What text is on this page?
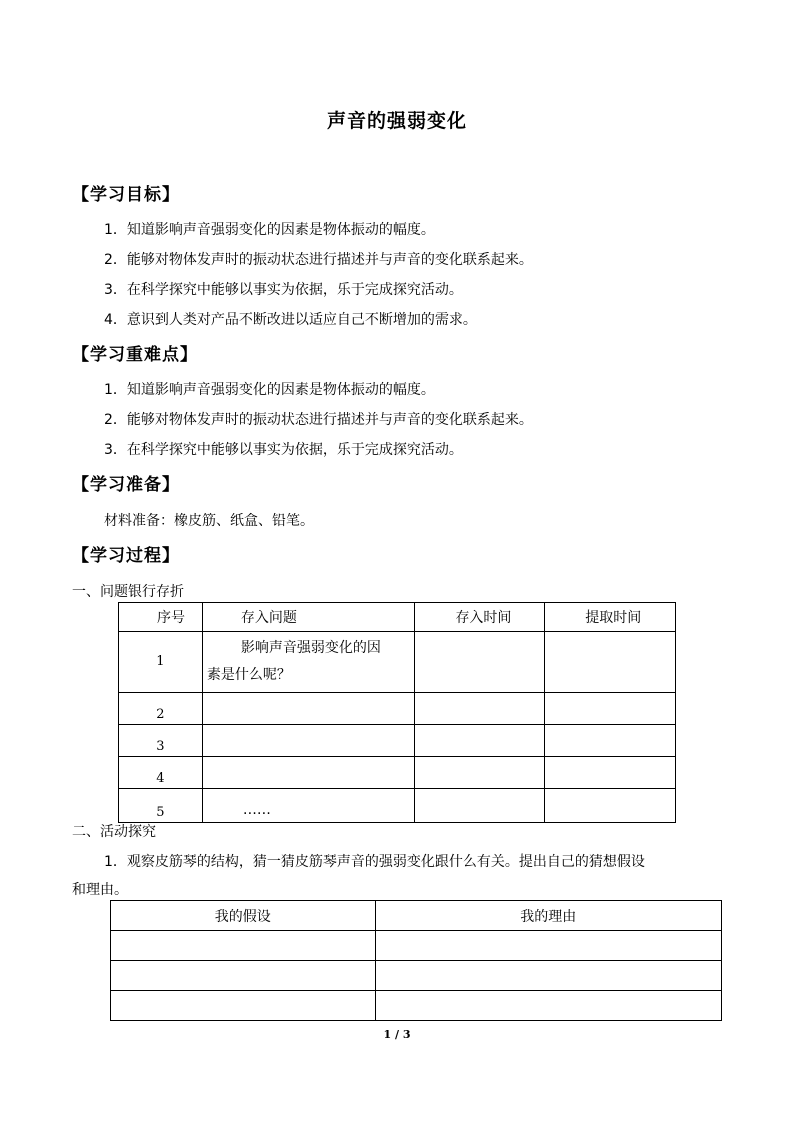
声音的强弱变化
【学习目标】
1．知道影响声音强弱变化的因素是物体振动的幅度。
2．能够对物体发声时的振动状态进行描述并与声音的变化联系起来。
3．在科学探究中能够以事实为依据，乐于完成探究活动。
4．意识到人类对产品不断改进以适应自己不断增加的需求。
【学习重难点】
1．知道影响声音强弱变化的因素是物体振动的幅度。
2．能够对物体发声时的振动状态进行描述并与声音的变化联系起来。
3．在科学探究中能够以事实为依据，乐于完成探究活动。
【学习准备】
材料准备：橡皮筋、纸盒、铅笔。
【学习过程】
一、问题银行存折
序号	存入问题	存入时间	提取时间
1	影响声音强弱变化的因
素是什么呢？		

2			
3			
4			
5	……		
二、活动探究
1．观察皮筋琴的结构，猜一猜皮筋琴声音的强弱变化跟什么有关。提出自己的猜想假设
和理由。
我的假设	我的理由

1 / 3
